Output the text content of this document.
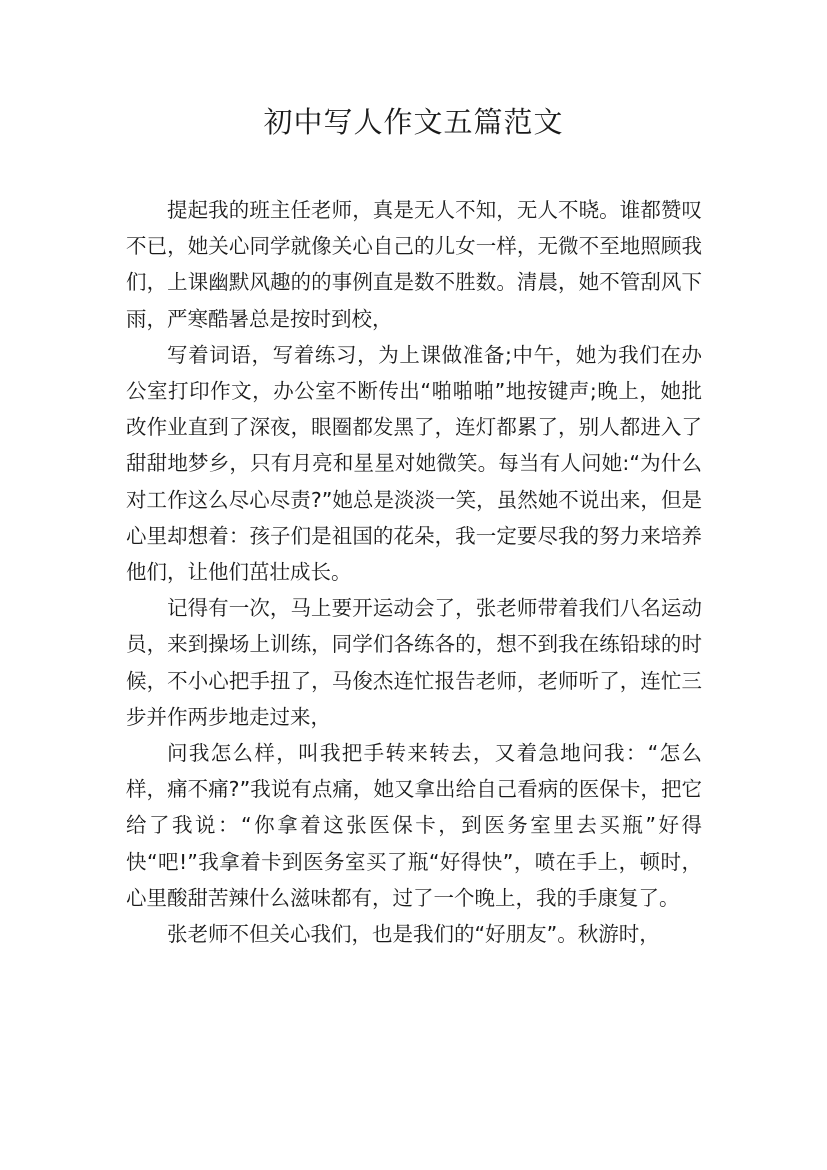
初中写人作文五篇范文

提起我的班主任老师，真是无人不知，无人不晓。谁都赞叹不已，她关心同学就像关心自己的儿女一样，无微不至地照顾我们，上课幽默风趣的的事例直是数不胜数。清晨，她不管刮风下雨，严寒酷暑总是按时到校，

写着词语，写着练习，为上课做准备;中午，她为我们在办公室打印作文，办公室不断传出“啪啪啪”地按键声;晚上，她批改作业直到了深夜，眼圈都发黑了，连灯都累了，别人都进入了甜甜地梦乡，只有月亮和星星对她微笑。每当有人问她:“为什么对工作这么尽心尽责?”她总是淡淡一笑，虽然她不说出来，但是心里却想着：孩子们是祖国的花朵，我一定要尽我的努力来培养他们，让他们茁壮成长。

记得有一次，马上要开运动会了，张老师带着我们八名运动员，来到操场上训练，同学们各练各的，想不到我在练铅球的时候，不小心把手扭了，马俊杰连忙报告老师，老师听了，连忙三步并作两步地走过来，

问我怎么样，叫我把手转来转去，又着急地问我：“怎么样，痛不痛?”我说有点痛，她又拿出给自己看病的医保卡，把它给了我说：“你拿着这张医保卡，到医务室里去买瓶”好得快“吧!”我拿着卡到医务室买了瓶“好得快”，喷在手上，顿时，心里酸甜苦辣什么滋味都有，过了一个晚上，我的手康复了。

张老师不但关心我们，也是我们的“好朋友”。秋游时，
